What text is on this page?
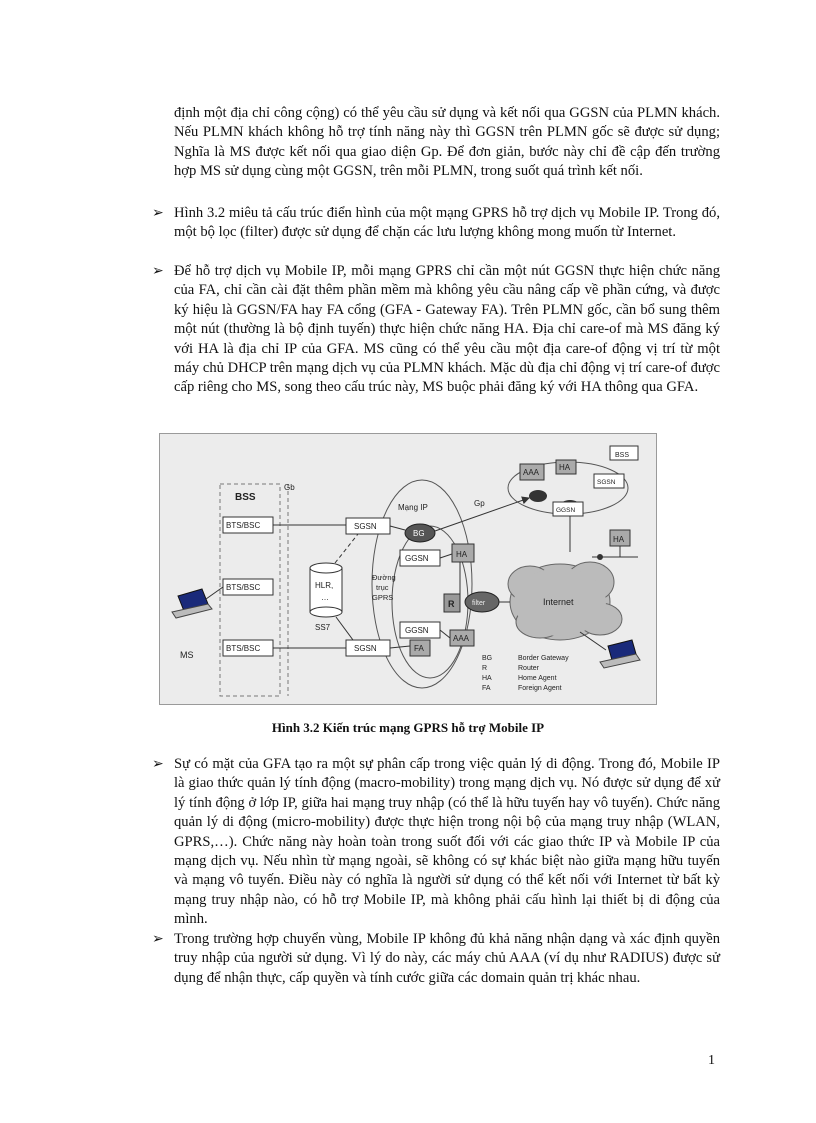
định một địa chỉ công cộng) có thể yêu cầu sử dụng và kết nối qua GGSN của PLMN khách. Nếu PLMN khách không hỗ trợ tính năng này thì GGSN trên PLMN gốc sẽ được sử dụng; Nghĩa là MS được kết nối qua giao diện Gp. Để đơn giản, bước này chỉ đề cập đến trường hợp MS sử dụng cùng một GGSN, trên mỗi PLMN, trong suốt quá trình kết nối.

➢ Hình 3.2 miêu tả cấu trúc điển hình của một mạng GPRS hỗ trợ dịch vụ Mobile IP. Trong đó, một bộ lọc (filter) được sử dụng để chặn các lưu lượng không mong muốn từ Internet.

➢ Để hỗ trợ dịch vụ Mobile IP, mỗi mạng GPRS chỉ cần một nút GGSN thực hiện chức năng của FA, chỉ cần cài đặt thêm phần mềm mà không yêu cầu nâng cấp về phần cứng, và được ký hiệu là GGSN/FA hay FA cổng (GFA - Gateway FA). Trên PLMN gốc, cần bổ sung thêm một nút (thường là bộ định tuyến) thực hiện chức năng HA. Địa chỉ care-of mà MS đăng ký với HA là địa chỉ IP của GFA. MS cũng có thể yêu cầu một địa care-of động vị trí từ một máy chủ DHCP trên mạng dịch vụ của PLMN khách. Mặc dù địa chỉ động vị trí care-of được cấp riêng cho MS, song theo cấu trúc này, MS buộc phải đăng ký với HA thông qua GFA.

BSS
Gb
BTS/BSC
BTS/BSC
BTS/BSC
MS
Mạng IP
SGSN
SGSN
HLR,
…
SS7
BG
GGSN	HA
Đường
trục
GPRS
R	filter
GGSN
FA
AAA
Internet
AAA
HA
BSS
SGSN
GGSN
Gp
HA
BG	Border Gateway
R	Router
HA	Home Agent
FA	Foreign Agent

Hình 3.2 Kiến trúc mạng GPRS hỗ trợ Mobile IP

➢ Sự có mặt của GFA tạo ra một sự phân cấp trong việc quản lý di động. Trong đó, Mobile IP là giao thức quản lý tính động (macro-mobility) trong mạng dịch vụ. Nó được sử dụng để xử lý tính động ở lớp IP, giữa hai mạng truy nhập (có thể là hữu tuyến hay vô tuyến). Chức năng quản lý di động (micro-mobility) được thực hiện trong nội bộ của mạng truy nhập (WLAN, GPRS,…). Chức năng này hoàn toàn trong suốt đối với các giao thức IP và Mobile IP của mạng dịch vụ. Nếu nhìn từ mạng ngoài, sẽ không có sự khác biệt nào giữa mạng hữu tuyến và mạng vô tuyến. Điều này có nghĩa là người sử dụng có thể kết nối với Internet từ bất kỳ mạng truy nhập nào, có hỗ trợ Mobile IP, mà không phải cấu hình lại thiết bị di động của mình.

➢ Trong trường hợp chuyển vùng, Mobile IP không đủ khả năng nhận dạng và xác định quyền truy nhập của người sử dụng. Vì lý do này, các máy chủ AAA (ví dụ như RADIUS) được sử dụng để nhận thực, cấp quyền và tính cước giữa các domain quản trị khác nhau.

1
